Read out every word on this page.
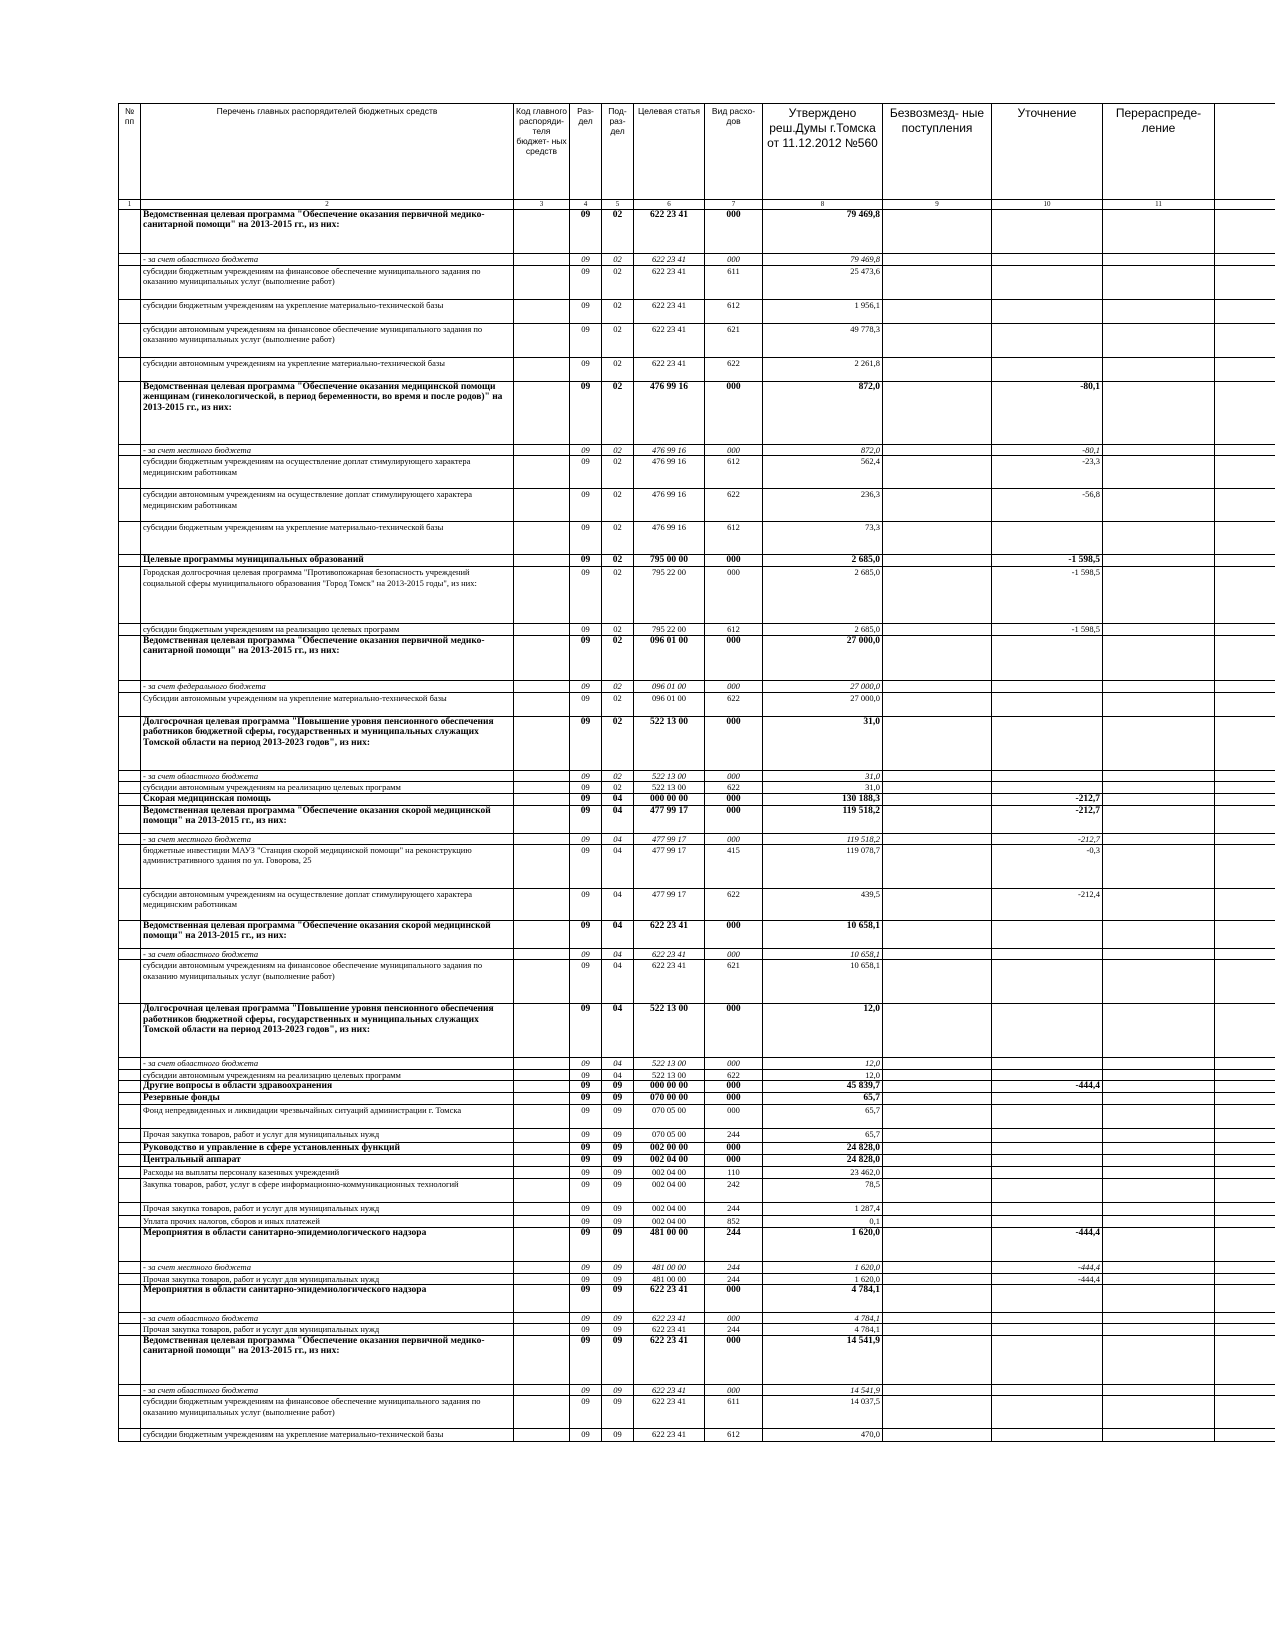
№ пп	Перечень главных распорядителей бюджетных средств	Код главного распоряди- теля бюджет- ных средств	Раз- дел	Под- раз- дел	Целевая статья	Вид расхо- дов	Утверждено реш.Думы г.Томска от 11.12.2012 №560	Безвозмезд- ные поступления	Уточнение	Перераспреде- ление	
1	2	3	4	5	6	7	8	9	10	11	
	Ведомственная целевая программа "Обеспечение оказания первичной медико-санитарной помощи" на 2013-2015 гг., из них:		09	02	622 23 41	000	79 469,8				
	- за счет областного бюджета		09	02	622 23 41	000	79 469,8				
	субсидии бюджетным учреждениям на финансовое обеспечение муниципального задания по оказанию муниципальных услуг (выполнение работ)		09	02	622 23 41	611	25 473,6				
	субсидии бюджетным учреждениям на укрепление материально-технической базы		09	02	622 23 41	612	1 956,1				
	субсидии автономным учреждениям на финансовое обеспечение муниципального задания по оказанию муниципальных услуг (выполнение работ)		09	02	622 23 41	621	49 778,3				
	субсидии автономным учреждениям на укрепление материально-технической базы		09	02	622 23 41	622	2 261,8				
	Ведомственная целевая программа "Обеспечение оказания медицинской помощи женщинам (гинекологической, в период беременности, во время и после родов)" на 2013-2015 гг., из них:		09	02	476 99 16	000	872,0		-80,1		
	- за счет местного бюджета		09	02	476 99 16	000	872,0		-80,1		
	субсидии бюджетным учреждениям на осуществление доплат стимулирующего характера медицинским работникам		09	02	476 99 16	612	562,4		-23,3		
	субсидии автономным учреждениям на осуществление доплат стимулирующего характера медицинским работникам		09	02	476 99 16	622	236,3		-56,8		
	субсидии бюджетным учреждениям на укрепление материально-технической базы		09	02	476 99 16	612	73,3				
	Целевые программы муниципальных образований		09	02	795 00 00	000	2 685,0		-1 598,5		
	Городская долгосрочная целевая программа "Противопожарная безопасность учреждений социальной сферы муниципального образования "Город Томск" на 2013-2015 годы", из них:		09	02	795 22 00	000	2 685,0		-1 598,5		
	субсидии бюджетным учреждениям на реализацию целевых программ		09	02	795 22 00	612	2 685,0		-1 598,5		
	Ведомственная целевая программа "Обеспечение оказания первичной медико-санитарной помощи" на 2013-2015 гг., из них:		09	02	096 01 00	000	27 000,0				
	- за счет федерального бюджета		09	02	096 01 00	000	27 000,0				
	Субсидии автономным учреждениям на укрепление материально-технической базы		09	02	096 01 00	622	27 000,0				
	Долгосрочная целевая программа "Повышение уровня пенсионного обеспечения работников бюджетной сферы, государственных и муниципальных служащих Томской области на период 2013-2023 годов", из них:		09	02	522 13 00	000	31,0				
	- за счет областного бюджета		09	02	522 13 00	000	31,0				
	субсидии автономным учреждениям на реализацию целевых программ		09	02	522 13 00	622	31,0				
	Скорая медицинская помощь		09	04	000 00 00	000	130 188,3		-212,7		
	Ведомственная целевая программа "Обеспечение оказания скорой медицинской помощи" на 2013-2015 гг., из них:		09	04	477 99 17	000	119 518,2		-212,7		
	- за счет местного бюджета		09	04	477 99 17	000	119 518,2		-212,7		
	бюджетные инвестиции МАУЗ "Станция скорой медицинской помощи" на реконструкцию административного здания по ул. Говорова, 25		09	04	477 99 17	415	119 078,7		-0,3		
	субсидии автономным учреждениям на осуществление доплат стимулирующего характера медицинским работникам		09	04	477 99 17	622	439,5		-212,4		
	Ведомственная целевая программа "Обеспечение оказания скорой медицинской помощи" на 2013-2015 гг., из них:		09	04	622 23 41	000	10 658,1				
	- за счет областного бюджета		09	04	622 23 41	000	10 658,1				
	субсидии автономным учреждениям на финансовое обеспечение муниципального задания по оказанию муниципальных услуг (выполнение работ)		09	04	622 23 41	621	10 658,1				
	Долгосрочная целевая программа "Повышение уровня пенсионного обеспечения работников бюджетной сферы, государственных и муниципальных служащих Томской области на период 2013-2023 годов", из них:		09	04	522 13 00	000	12,0				
	- за счет областного бюджета		09	04	522 13 00	000	12,0				
	субсидии автономным учреждениям на реализацию целевых программ		09	04	522 13 00	622	12,0				
	Другие вопросы в области здравоохранения		09	09	000 00 00	000	45 839,7		-444,4		
	Резервные фонды		09	09	070 00 00	000	65,7				
	Фонд непредвиденных и ликвидации чрезвычайных ситуаций администрации г. Томска		09	09	070 05 00	000	65,7				
	Прочая закупка товаров, работ и услуг для муниципальных нужд		09	09	070 05 00	244	65,7				
	Руководство и управление в сфере установленных функций		09	09	002 00 00	000	24 828,0				
	Центральный аппарат		09	09	002 04 00	000	24 828,0				
	Расходы на выплаты персоналу казенных учреждений		09	09	002 04 00	110	23 462,0				
	Закупка товаров, работ, услуг в сфере информационно-коммуникационных технологий		09	09	002 04 00	242	78,5				
	Прочая закупка товаров, работ и услуг для муниципальных нужд		09	09	002 04 00	244	1 287,4				
	Уплата прочих налогов, сборов и иных платежей		09	09	002 04 00	852	0,1				
	Мероприятия в области санитарно-эпидемиологического надзора		09	09	481 00 00	244	1 620,0		-444,4		
	- за счет местного бюджета		09	09	481 00 00	244	1 620,0		-444,4		
	Прочая закупка товаров, работ и услуг для муниципальных нужд		09	09	481 00 00	244	1 620,0		-444,4		
	Мероприятия в области санитарно-эпидемиологического надзора		09	09	622 23 41	000	4 784,1				
	- за счет областного бюджета		09	09	622 23 41	000	4 784,1				
	Прочая закупка товаров, работ и услуг для муниципальных нужд		09	09	622 23 41	244	4 784,1				
	Ведомственная целевая программа "Обеспечение оказания первичной медико-санитарной помощи" на 2013-2015 гг., из них:		09	09	622 23 41	000	14 541,9				
	- за счет областного бюджета		09	09	622 23 41	000	14 541,9				
	субсидии бюджетным учреждениям на финансовое обеспечение муниципального задания по оказанию муниципальных услуг (выполнение работ)		09	09	622 23 41	611	14 037,5				
	субсидии бюджетным учреждениям на укрепление материально-технической базы		09	09	622 23 41	612	470,0				
